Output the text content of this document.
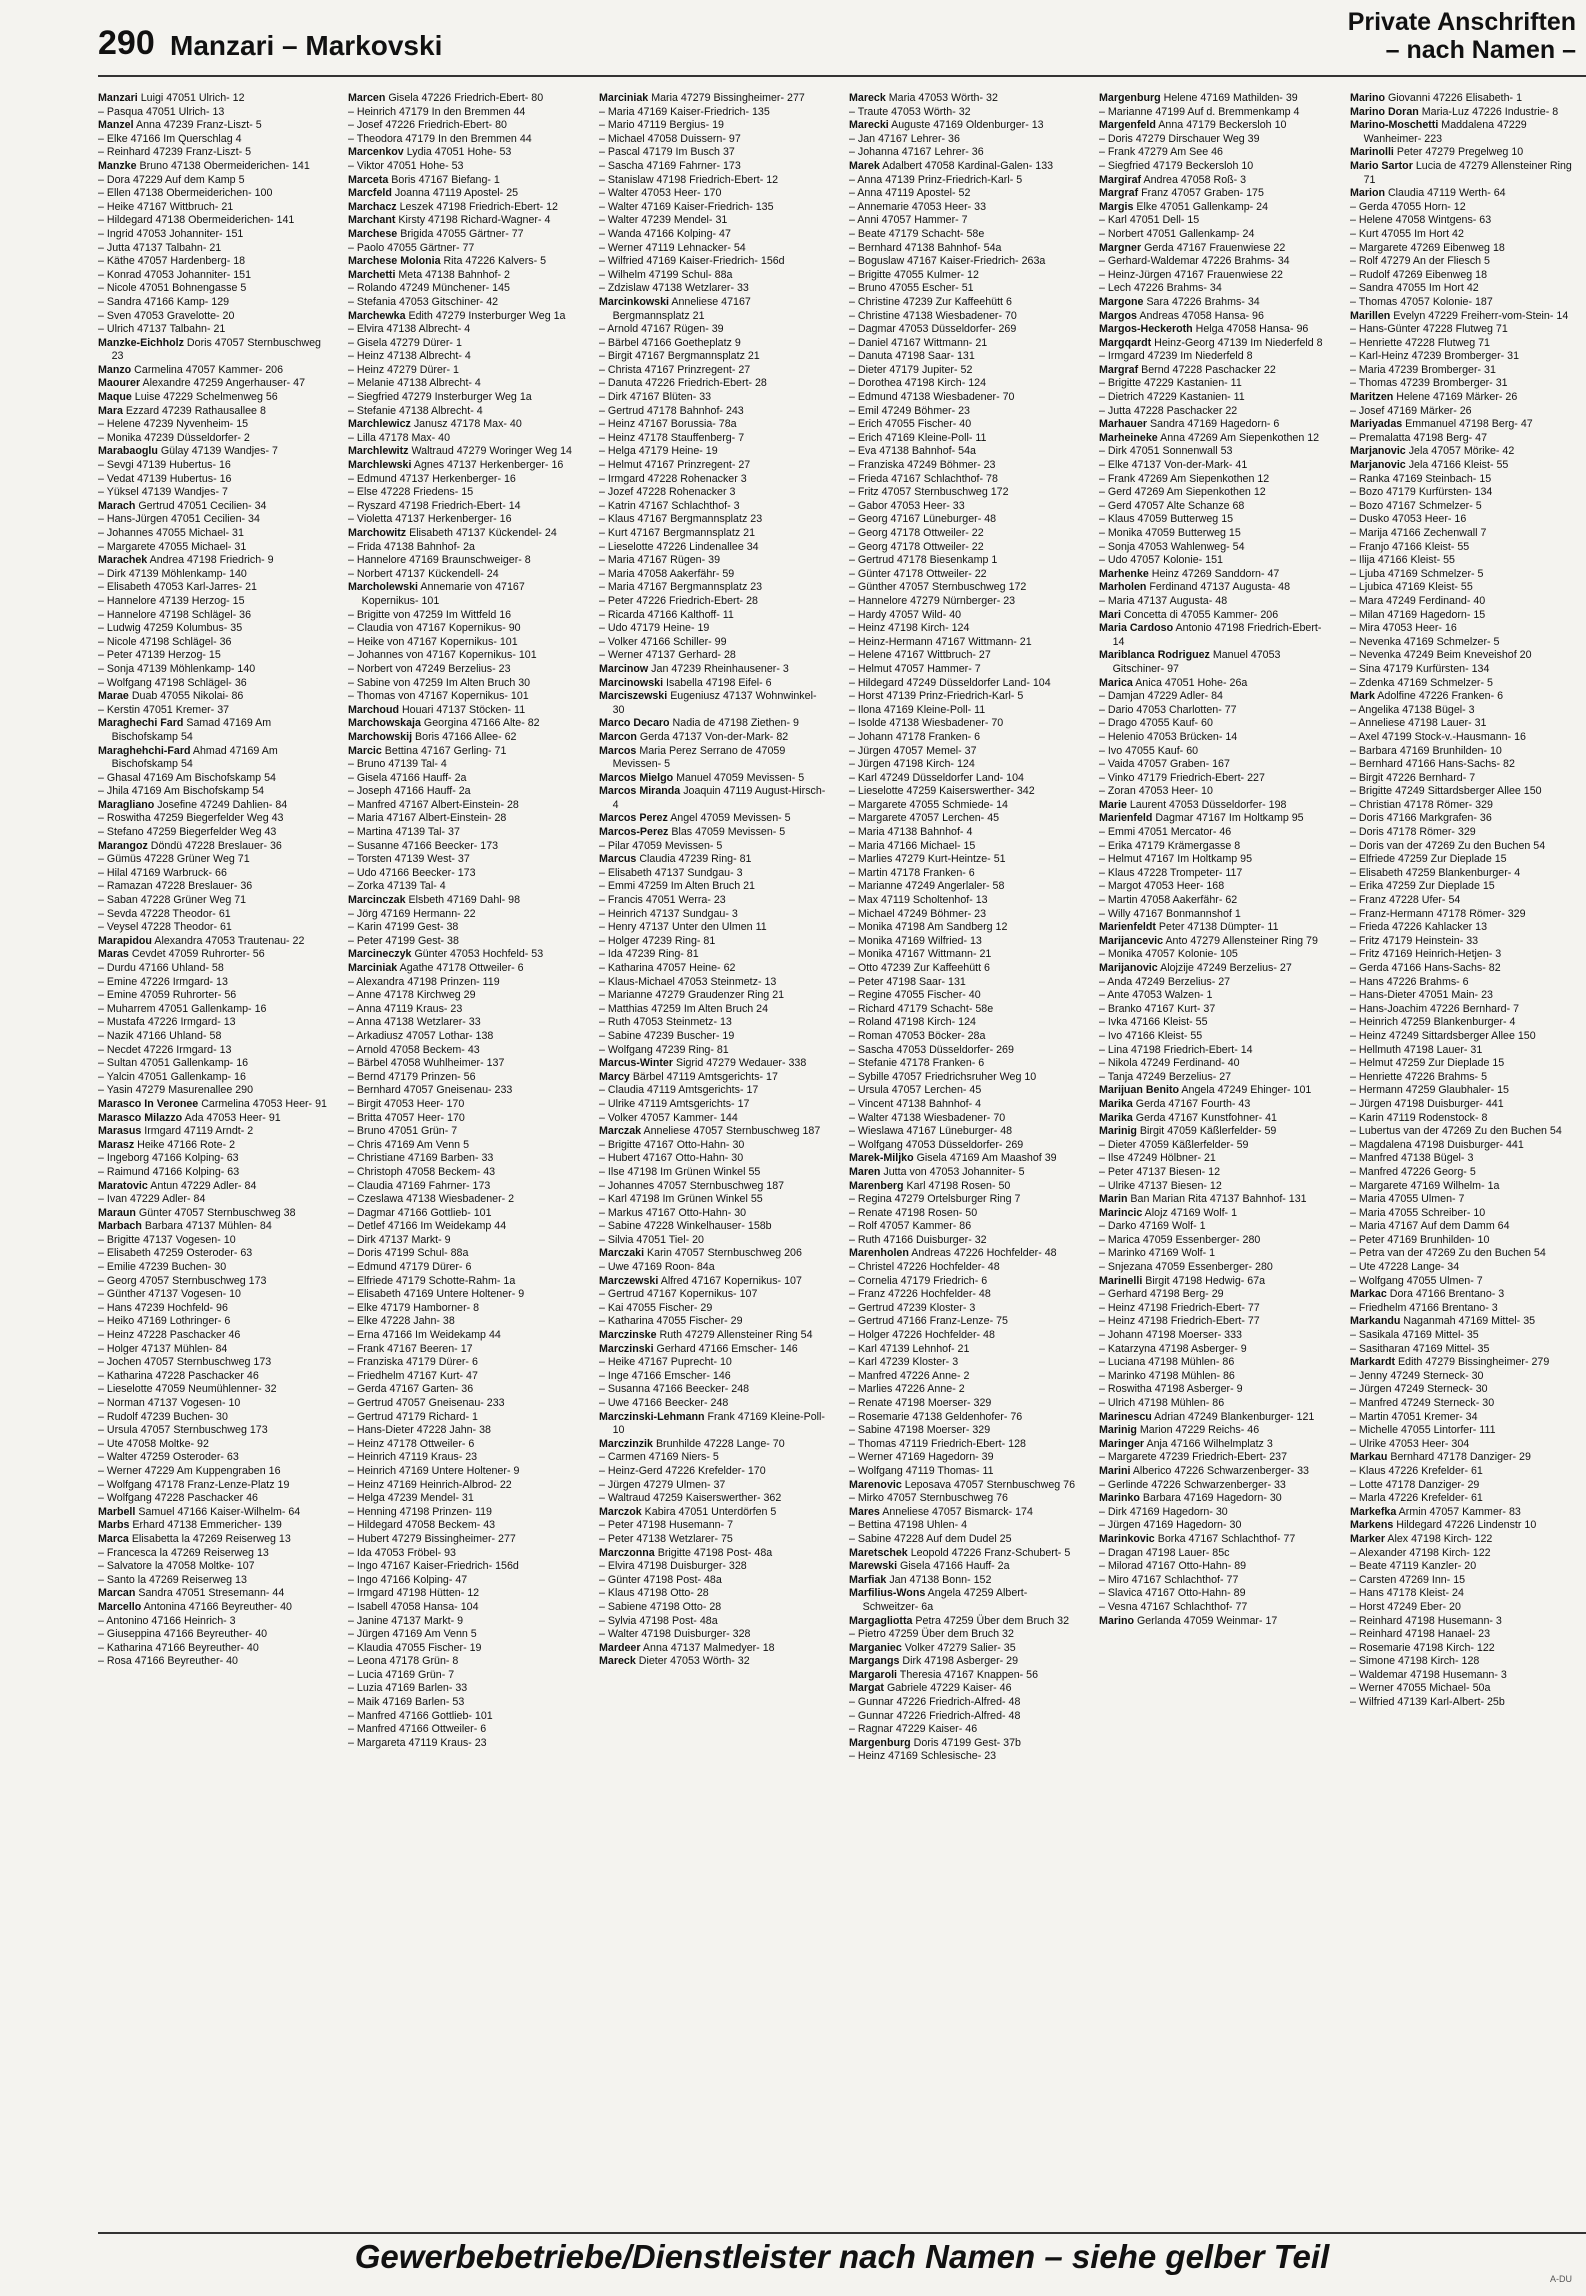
290 Manzari – Markovski
Private Anschriften
– nach Namen –
Manzari Luigi 47051 Ulrich- 12
– Pasqua 47051 Ulrich- 13
Manzel Anna 47239 Franz-Liszt- 5
– Elke 47166 Im Querschlag 4
– Reinhard 47239 Franz-Liszt- 5
Manzke Bruno 47138 Obermeiderichen- 141
– Dora 47229 Auf dem Kamp 5
– Ellen 47138 Obermeiderichen- 100
– Heike 47167 Wittbruch- 21
– Hildegard 47138 Obermeiderichen- 141
– Ingrid 47053 Johanniter- 151
– Jutta 47137 Talbahn- 21
– Käthe 47057 Hardenberg- 18
– Konrad 47053 Johanniter- 151
– Nicole 47051 Bohnengasse 5
– Sandra 47166 Kamp- 129
– Sven 47053 Gravelotte- 20
– Ulrich 47137 Talbahn- 21
Manzke-Eichholz Doris 47057 Sternbuschweg 23
Manzo Carmelina 47057 Kammer- 206
Maourer Alexandre 47259 Angerhauser- 47
Maque Luise 47229 Schelmenweg 56
Mara Ezzard 47239 Rathausallee 8
– Helene 47239 Nyvenheim- 15
– Monika 47239 Düsseldorfer- 2
Marabaoglu Gülay 47139 Wandjes- 7
– Sevgi 47139 Hubertus- 16
– Vedat 47139 Hubertus- 16
– Yüksel 47139 Wandjes- 7
Marach Gertrud 47051 Cecilien- 34
– Hans-Jürgen 47051 Cecilien- 34
– Johannes 47055 Michael- 31
– Margarete 47055 Michael- 31
Marachek Andrea 47198 Friedrich- 9
– Dirk 47139 Möhlenkamp- 140
– Elisabeth 47053 Karl-Jarres- 21
– Hannelore 47139 Herzog- 15
– Hannelore 47198 Schlägel- 36
– Ludwig 47259 Kolumbus- 35
– Nicole 47198 Schlägel- 36
– Peter 47139 Herzog- 15
– Sonja 47139 Möhlenkamp- 140
– Wolfgang 47198 Schlägel- 36
Marae Duab 47055 Nikolai- 86
– Kerstin 47051 Kremer- 37
Maraghechi Fard Samad 47169 Am Bischofskamp 54
Maraghehchi-Fard Ahmad 47169 Am Bischofskamp 54
– Ghasal 47169 Am Bischofskamp 54
– Jhila 47169 Am Bischofskamp 54
Maragliano Josefine 47249 Dahlien- 84
– Roswitha 47259 Biegerfelder Weg 43
– Stefano 47259 Biegerfelder Weg 43
Marangoz Döndü 47228 Breslauer- 36
– Gümüs 47228 Grüner Weg 71
– Hilal 47169 Warbruck- 66
– Ramazan 47228 Breslauer- 36
– Saban 47228 Grüner Weg 71
– Sevda 47228 Theodor- 61
– Veysel 47228 Theodor- 61
Marapidou Alexandra 47053 Trautenau- 22
Maras Cevdet 47059 Ruhrorter- 56
– Durdu 47166 Uhland- 58
– Emine 47226 Irmgard- 13
– Emine 47059 Ruhrorter- 56
– Muharrem 47051 Gallenkamp- 16
– Mustafa 47226 Irmgard- 13
– Nazik 47166 Uhland- 58
– Necdet 47226 Irmgard- 13
– Sultan 47051 Gallenkamp- 16
– Yalcin 47051 Gallenkamp- 16
– Yasin 47279 Masurenallee 290
Marasco In Veronee Carmelina 47053 Heer- 91
Marasco Milazzo Ada 47053 Heer- 91
Marasus Irmgard 47119 Arndt- 2
Marasz Heike 47166 Rote- 2
– Ingeborg 47166 Kolping- 63
– Raimund 47166 Kolping- 63
Maratovic Antun 47229 Adler- 84
– Ivan 47229 Adler- 84
Maraun Günter 47057 Sternbuschweg 38
Marbach Barbara 47137 Mühlen- 84
– Brigitte 47137 Vogesen- 10
– Elisabeth 47259 Osteroder- 63
– Emilie 47239 Buchen- 30
– Georg 47057 Sternbuschweg 173
– Günther 47137 Vogesen- 10
– Hans 47239 Hochfeld- 96
– Heiko 47169 Lothringer- 6
– Heinz 47228 Paschacker 46
– Holger 47137 Mühlen- 84
– Jochen 47057 Sternbuschweg 173
– Katharina 47228 Paschacker 46
– Lieselotte 47059 Neumühlenner- 32
– Norman 47137 Vogesen- 10
– Rudolf 47239 Buchen- 30
– Ursula 47057 Sternbuschweg 173
– Ute 47058 Moltke- 92
– Walter 47259 Osteroder- 63
– Werner 47229 Am Kuppengraben 16
– Wolfgang 47178 Franz-Lenze-Platz 19
– Wolfgang 47228 Paschacker 46
Marbell Samuel 47166 Kaiser-Wilhelm- 64
Marbs Erhard 47138 Emmericher- 139
Marca Elisabetta la 47269 Reiserweg 13
– Francesca la 47269 Reiserweg 13
– Salvatore la 47058 Moltke- 107
– Santo la 47269 Reiserweg 13
Marcan Sandra 47051 Stresemann- 44
Marcello Antonina 47166 Beyreuther- 40
– Antonino 47166 Heinrich- 3
– Giuseppina 47166 Beyreuther- 40
– Katharina 47166 Beyreuther- 40
– Rosa 47166 Beyreuther- 40
Marcen Gisela 47226 Friedrich-Ebert- 80
– Heinrich 47179 In den Bremmen 44
– Josef 47226 Friedrich-Ebert- 80
– Theodora 47179 In den Bremmen 44
Marcenkov Lydia 47051 Hohe- 53
– Viktor 47051 Hohe- 53
Marceta Boris 47167 Biefang- 1
Marcfeld Joanna 47119 Apostel- 25
Marchacz Leszek 47198 Friedrich-Ebert- 12
Marchant Kirsty 47198 Richard-Wagner- 4
Marchese Brigida 47055 Gärtner- 77
– Paolo 47055 Gärtner- 77
Marchese Molonia Rita 47226 Kalvers- 5
Marchetti Meta 47138 Bahnhof- 2
– Rolando 47249 Münchener- 145
– Stefania 47053 Gitschiner- 42
Marchewka Edith 47279 Insterburger Weg 1a
– Elvira 47138 Albrecht- 4
– Gisela 47279 Dürer- 1
– Heinz 47138 Albrecht- 4
– Heinz 47279 Dürer- 1
– Melanie 47138 Albrecht- 4
– Siegfried 47279 Insterburger Weg 1a
– Stefanie 47138 Albrecht- 4
Marchlewicz Janusz 47178 Max- 40
– Lilla 47178 Max- 40
Marchlewitz Waltraud 47279 Woringer Weg 14
Marchlewski Agnes 47137 Herkenberger- 16
– Edmund 47137 Herkenberger- 16
– Else 47228 Friedens- 15
– Ryszard 47198 Friedrich-Ebert- 14
– Violetta 47137 Herkenberger- 16
Marchowitz Elisabeth 47137 Kückendel- 24
– Frida 47138 Bahnhof- 2a
– Hannelore 47169 Braunschweiger- 8
– Norbert 47137 Kückendell- 24
Marcholewski Annemarie von 47167 Kopernikus- 101
– Brigitte von 47259 Im Wittfeld 16
– Claudia von 47167 Kopernikus- 90
– Heike von 47167 Kopernikus- 101
– Johannes von 47167 Kopernikus- 101
– Norbert von 47249 Berzelius- 23
– Sabine von 47259 Im Alten Bruch 30
– Thomas von 47167 Kopernikus- 101
Marchoud Houari 47137 Stöcken- 11
Marchowskaja Georgina 47166 Alte- 82
Marchowskij Boris 47166 Allee- 62
Marcic Bettina 47167 Gerling- 71
– Bruno 47139 Tal- 4
– Gisela 47166 Hauff- 2a
– Joseph 47166 Hauff- 2a
– Manfred 47167 Albert-Einstein- 28
– Maria 47167 Albert-Einstein- 28
– Martina 47139 Tal- 37
– Susanne 47166 Beecker- 173
– Torsten 47139 West- 37
– Udo 47166 Beecker- 173
– Zorka 47139 Tal- 4
Marcinczak Elsbeth 47169 Dahl- 98
– Jörg 47169 Hermann- 22
– Karin 47199 Gest- 38
– Peter 47199 Gest- 38
Marcineczyk Günter 47053 Hochfeld- 53
Marciniak Agathe 47178 Ottweiler- 6
– Alexandra 47198 Prinzen- 119
– Anne 47178 Kirchweg 29
– Anna 47119 Kraus- 23
– Anna 47138 Wetzlarer- 33
– Arkadiusz 47057 Lothar- 138
– Arnold 47058 Beckem- 43
– Bärbel 47058 Wuhlheimer- 137
– Bernd 47179 Prinzen- 56
– Bernhard 47057 Gneisenau- 233
– Birgit 47053 Heer- 170
– Britta 47057 Heer- 170
– Bruno 47051 Grün- 7
– Chris 47169 Am Venn 5
– Christiane 47169 Barben- 33
– Christoph 47058 Beckem- 43
– Claudia 47169 Fahrner- 173
– Czeslawa 47138 Wiesbadener- 2
– Dagmar 47166 Gottlieb- 101
– Detlef 47166 Im Weidekamp 44
– Dirk 47137 Markt- 9
– Doris 47199 Schul- 88a
– Edmund 47179 Dürer- 6
– Elfriede 47179 Schotte-Rahm- 1a
– Elisabeth 47169 Untere Holtener- 9
– Elke 47179 Hamborner- 8
– Elke 47228 Jahn- 38
– Erna 47166 Im Weidekamp 44
– Frank 47167 Beeren- 17
– Franziska 47179 Dürer- 6
– Friedhelm 47167 Kurt- 47
– Gerda 47167 Garten- 36
– Gertrud 47057 Gneisenau- 233
– Gertrud 47179 Richard- 1
– Hans-Dieter 47228 Jahn- 38
– Heinz 47178 Ottweiler- 6
– Heinrich 47119 Kraus- 23
– Heinrich 47169 Untere Holtener- 9
– Heinz 47169 Heinrich-Albrod- 22
– Helga 47239 Mendel- 31
– Henning 47198 Prinzen- 119
– Hildegard 47058 Beckem- 43
– Hubert 47279 Bissingheimer- 277
– Ida 47053 Fröbel- 93
– Ingo 47167 Kaiser-Friedrich- 156d
– Ingo 47166 Kolping- 47
– Irmgard 47198 Hütten- 12
– Isabell 47058 Hansa- 104
– Janine 47137 Markt- 9
– Jürgen 47169 Am Venn 5
– Klaudia 47055 Fischer- 19
– Leona 47178 Grün- 8
– Lucia 47169 Grün- 7
– Luzia 47169 Barlen- 33
– Maik 47169 Barlen- 53
– Manfred 47166 Gottlieb- 101
– Manfred 47166 Ottweiler- 6
– Margareta 47119 Kraus- 23
Marciniak Maria 47279 Bissingheimer- 277
– Maria 47169 Kaiser-Friedrich- 135
– Mario 47119 Bergius- 19
– Michael 47058 Duissern- 97
– Pascal 47179 Im Busch 37
– Sascha 47169 Fahrner- 173
– Stanislaw 47198 Friedrich-Ebert- 12
– Walter 47053 Heer- 170
– Walter 47169 Kaiser-Friedrich- 135
– Walter 47239 Mendel- 31
– Wanda 47166 Kolping- 47
– Werner 47119 Lehnacker- 54
– Wilfried 47169 Kaiser-Friedrich- 156d
– Wilhelm 47199 Schul- 88a
– Zdzislaw 47138 Wetzlarer- 33
Marcinkowski Anneliese 47167 Bergmannsplatz 21
– Arnold 47167 Rügen- 39
– Bärbel 47166 Goetheplatz 9
– Birgit 47167 Bergmannsplatz 21
– Christa 47167 Prinzregent- 27
– Danuta 47226 Friedrich-Ebert- 28
– Dirk 47167 Blüten- 33
– Gertrud 47178 Bahnhof- 243
– Heinz 47167 Borussia- 78a
– Heinz 47178 Stauffenberg- 7
– Helga 47179 Heine- 19
– Helmut 47167 Prinzregent- 27
– Irmgard 47228 Rohenacker 3
– Jozef 47228 Rohenacker 3
– Katrin 47167 Schlachthof- 3
– Klaus 47167 Bergmannsplatz 23
– Kurt 47167 Bergmannsplatz 21
– Lieselotte 47226 Lindenallee 34
– Maria 47167 Rügen- 39
– Maria 47058 Aakerfähr- 59
– Maria 47167 Bergmannsplatz 23
– Peter 47226 Friedrich-Ebert- 28
– Ricarda 47166 Kalthoff- 11
– Udo 47179 Heine- 19
– Volker 47166 Schiller- 99
– Werner 47137 Gerhard- 28
Marcinow Jan 47239 Rheinhausener- 3
Marcinowski Isabella 47198 Eifel- 6
Marciszewski Eugeniusz 47137 Wohnwinkel- 30
Marco Decaro Nadia de 47198 Ziethen- 9
Marcon Gerda 47137 Von-der-Mark- 82
Marcos Maria Perez Serrano de 47059 Mevissen- 5
Marcos Mielgo Manuel 47059 Mevissen- 5
Marcos Miranda Joaquin 47119 August-Hirsch- 4
Marcos Perez Angel 47059 Mevissen- 5
Marcos-Perez Blas 47059 Mevissen- 5
– Pilar 47059 Mevissen- 5
Marcus Claudia 47239 Ring- 81
– Elisabeth 47137 Sundgau- 3
– Emmi 47259 Im Alten Bruch 21
– Francis 47051 Werra- 23
– Heinrich 47137 Sundgau- 3
– Henry 47137 Unter den Ulmen 11
– Holger 47239 Ring- 81
– Ida 47239 Ring- 81
– Katharina 47057 Heine- 62
– Klaus-Michael 47053 Steinmetz- 13
– Marianne 47279 Graudenzer Ring 21
– Matthias 47259 Im Alten Bruch 24
– Ruth 47053 Steinmetz- 13
– Sabine 47239 Buscher- 19
– Wolfgang 47239 Ring- 81
Marcus-Winter Sigrid 47279 Wedauer- 338
Marcy Bärbel 47119 Amtsgerichts- 17
– Claudia 47119 Amtsgerichts- 17
– Ulrike 47119 Amtsgerichts- 17
– Volker 47057 Kammer- 144
Marczak Anneliese 47057 Sternbuschweg 187
– Brigitte 47167 Otto-Hahn- 30
– Hubert 47167 Otto-Hahn- 30
– Ilse 47198 Im Grünen Winkel 55
– Johannes 47057 Sternbuschweg 187
– Karl 47198 Im Grünen Winkel 55
– Markus 47167 Otto-Hahn- 30
– Sabine 47228 Winkelhauser- 158b
– Silvia 47051 Tiel- 20
Marczaki Karin 47057 Sternbuschweg 206
– Uwe 47169 Roon- 84a
Marczewski Alfred 47167 Kopernikus- 107
– Gertrud 47167 Kopernikus- 107
– Kai 47055 Fischer- 29
– Katharina 47055 Fischer- 29
Marczinske Ruth 47279 Allensteiner Ring 54
Marczinski Gerhard 47166 Emscher- 146
– Heike 47167 Puprecht- 10
– Inge 47166 Emscher- 146
– Susanna 47166 Beecker- 248
– Uwe 47166 Beecker- 248
Marczinski-Lehmann Frank 47169 Kleine-Poll- 10
Marczinzik Brunhilde 47228 Lange- 70
– Carmen 47169 Niers- 5
– Heinz-Gerd 47226 Krefelder- 170
– Jürgen 47279 Ulmen- 37
– Waltraud 47259 Kaiserswerther- 362
Marczok Kabira 47051 Unterdörfen 5
– Peter 47198 Husemann- 7
– Peter 47138 Wetzlarer- 75
Marczonna Brigitte 47198 Post- 48a
– Elvira 47198 Duisburger- 328
– Günter 47198 Post- 48a
– Klaus 47198 Otto- 28
– Sabiene 47198 Otto- 28
– Sylvia 47198 Post- 48a
– Walter 47198 Duisburger- 328
Mardeer Anna 47137 Malmedyer- 18
Mareck Dieter 47053 Wörth- 32
Mareck Maria 47053 Wörth- 32
– Traute 47053 Wörth- 32
Marecki Auguste 47169 Oldenburger- 13
– Jan 47167 Lehrer- 36
– Johanna 47167 Lehrer- 36
Marek Adalbert 47058 Kardinal-Galen- 133
– Anna 47139 Prinz-Friedrich-Karl- 5
– Anna 47119 Apostel- 52
– Annemarie 47053 Heer- 33
– Anni 47057 Hammer- 7
– Beate 47179 Schacht- 58e
– Bernhard 47138 Bahnhof- 54a
– Boguslaw 47167 Kaiser-Friedrich- 263a
– Brigitte 47055 Kulmer- 12
– Bruno 47055 Escher- 51
– Christine 47239 Zur Kaffeehütt 6
– Christine 47138 Wiesbadener- 70
– Dagmar 47053 Düsseldorfer- 269
– Daniel 47167 Wittmann- 21
– Danuta 47198 Saar- 131
– Dieter 47179 Jupiter- 52
– Dorothea 47198 Kirch- 124
– Edmund 47138 Wiesbadener- 70
– Emil 47249 Böhmer- 23
– Erich 47055 Fischer- 40
– Erich 47169 Kleine-Poll- 11
– Eva 47138 Bahnhof- 54a
– Franziska 47249 Böhmer- 23
– Frieda 47167 Schlachthof- 78
– Fritz 47057 Sternbuschweg 172
– Gabor 47053 Heer- 33
– Georg 47167 Lüneburger- 48
– Georg 47178 Ottweiler- 22
– Georg 47178 Ottweiler- 22
– Gertrud 47178 Biesenkamp 1
– Günter 47178 Ottweiler- 22
– Günther 47057 Sternbuschweg 172
– Hannelore 47279 Nürnberger- 23
– Hardy 47057 Wild- 40
– Heinz 47198 Kirch- 124
– Heinz-Hermann 47167 Wittmann- 21
– Helene 47167 Wittbruch- 27
– Helmut 47057 Hammer- 7
– Hildegard 47249 Düsseldorfer Land- 104
– Horst 47139 Prinz-Friedrich-Karl- 5
– Ilona 47169 Kleine-Poll- 11
– Isolde 47138 Wiesbadener- 70
– Johann 47178 Franken- 6
– Jürgen 47057 Memel- 37
– Jürgen 47198 Kirch- 124
– Karl 47249 Düsseldorfer Land- 104
– Lieselotte 47259 Kaiserswerther- 342
– Margarete 47055 Schmiede- 14
– Margarete 47057 Lerchen- 45
– Maria 47138 Bahnhof- 4
– Maria 47166 Michael- 15
– Marlies 47279 Kurt-Heintze- 51
– Martin 47178 Franken- 6
– Marianne 47249 Angerlaler- 58
– Max 47119 Scholtenhof- 13
– Michael 47249 Böhmer- 23
– Monika 47198 Am Sandberg 12
– Monika 47169 Wilfried- 13
– Monika 47167 Wittmann- 21
– Otto 47239 Zur Kaffeehütt 6
– Peter 47198 Saar- 131
– Regine 47055 Fischer- 40
– Richard 47179 Schacht- 58e
– Roland 47198 Kirch- 124
– Roman 47053 Böcker- 28a
– Sascha 47053 Düsseldorfer- 269
– Stefanie 47178 Franken- 6
– Sybille 47057 Friedrichsruher Weg 10
– Ursula 47057 Lerchen- 45
– Vincent 47138 Bahnhof- 4
– Walter 47138 Wiesbadener- 70
– Wieslawa 47167 Lüneburger- 48
– Wolfgang 47053 Düsseldorfer- 269
Marek-Miljko Gisela 47169 Am Maashof 39
Maren Jutta von 47053 Johanniter- 5
Marenberg Karl 47198 Rosen- 50
– Regina 47279 Ortelsburger Ring 7
– Renate 47198 Rosen- 50
– Rolf 47057 Kammer- 86
– Ruth 47166 Duisburger- 32
Marenholen Andreas 47226 Hochfelder- 48
– Christel 47226 Hochfelder- 48
– Cornelia 47179 Friedrich- 6
– Franz 47226 Hochfelder- 48
– Gertrud 47239 Kloster- 3
– Gertrud 47166 Franz-Lenze- 75
– Holger 47226 Hochfelder- 48
– Karl 47139 Lehnhof- 21
– Karl 47239 Kloster- 3
– Manfred 47226 Anne- 2
– Marlies 47226 Anne- 2
– Renate 47198 Moerser- 329
– Rosemarie 47138 Geldenhofer- 76
– Sabine 47198 Moerser- 329
– Thomas 47119 Friedrich-Ebert- 128
– Werner 47169 Hagedorn- 39
– Wolfgang 47119 Thomas- 11
Marenovic Leposava 47057 Sternbuschweg 76
– Mirko 47057 Sternbuschweg 76
Mares Anneliese 47057 Bismarck- 174
– Bettina 47198 Uhlen- 4
– Sabine 47228 Auf dem Dudel 25
Maretschek Leopold 47226 Franz-Schubert- 5
Marewski Gisela 47166 Hauff- 2a
Marfiak Jan 47138 Bonn- 152
Marfilius-Wons Angela 47259 Albert-Schweitzer- 6a
Margagliotta Petra 47259 Über dem Bruch 32
– Pietro 47259 Über dem Bruch 32
Marganiec Volker 47279 Salier- 35
Margangs Dirk 47198 Asberger- 29
Margaroli Theresia 47167 Knappen- 56
Margat Gabriele 47229 Kaiser- 46
– Gunnar 47226 Friedrich-Alfred- 48
– Gunnar 47226 Friedrich-Alfred- 48
– Ragnar 47229 Kaiser- 46
Margenburg Doris 47199 Gest- 37b
– Heinz 47169 Schlesische- 23
Margenburg Helene 47169 Mathilden- 39
– Marianne 47199 Auf d. Bremmenkamp 4
Margenfeld Anna 47179 Beckersloh 10
– Doris 47279 Dirschauer Weg 39
– Frank 47279 Am See 46
– Siegfried 47179 Beckersloh 10
Margiraf Andrea 47058 Roß- 3
Margraf Franz 47057 Graben- 175
Margis Elke 47051 Gallenkamp- 24
– Karl 47051 Dell- 15
– Norbert 47051 Gallenkamp- 24
Margner Gerda 47167 Frauenwiese 22
– Gerhard-Waldemar 47226 Brahms- 34
– Heinz-Jürgen 47167 Frauenwiese 22
– Lech 47226 Brahms- 34
Margone Sara 47226 Brahms- 34
Margos Andreas 47058 Hansa- 96
Margos-Heckeroth Helga 47058 Hansa- 96
Margqardt Heinz-Georg 47139 Im Niederfeld 8
– Irmgard 47239 Im Niederfeld 8
Margraf Bernd 47228 Paschacker 22
– Brigitte 47229 Kastanien- 11
– Dietrich 47229 Kastanien- 11
– Jutta 47228 Paschacker 22
Marhauer Sandra 47169 Hagedorn- 6
Marheineke Anna 47269 Am Siepenkothen 12
– Dirk 47051 Sonnenwall 53
– Elke 47137 Von-der-Mark- 41
– Frank 47269 Am Siepenkothen 12
– Gerd 47269 Am Siepenkothen 12
– Gerd 47057 Alte Schanze 68
– Klaus 47059 Butterweg 15
– Monika 47059 Butterweg 15
– Sonja 47053 Wahlenweg- 54
– Udo 47057 Kolonie- 151
Marhenke Heinz 47269 Sanddorn- 47
Marholen Ferdinand 47137 Augusta- 48
– Maria 47137 Augusta- 48
Mari Concetta di 47055 Kammer- 206
Maria Cardoso Antonio 47198 Friedrich-Ebert- 14
Mariblanca Rodriguez Manuel 47053 Gitschiner- 97
Marica Anica 47051 Hohe- 26a
– Damjan 47229 Adler- 84
– Dario 47053 Charlotten- 77
– Drago 47055 Kauf- 60
– Helenio 47053 Brücken- 14
– Ivo 47055 Kauf- 60
– Vaida 47057 Graben- 167
– Vinko 47179 Friedrich-Ebert- 227
– Zoran 47053 Heer- 10
Marie Laurent 47053 Düsseldorfer- 198
Marienfeld Dagmar 47167 Im Holtkamp 95
– Emmi 47051 Mercator- 46
– Erika 47179 Krämergasse 8
– Helmut 47167 Im Holtkamp 95
– Klaus 47228 Trompeter- 117
– Margot 47053 Heer- 168
– Martin 47058 Aakerfähr- 62
– Willy 47167 Bonmannshof 1
Marienfeldt Peter 47138 Dümpter- 11
Marijancevic Anto 47279 Allensteiner Ring 79
– Monika 47057 Kolonie- 105
Marijanovic Alojzije 47249 Berzelius- 27
– Anda 47249 Berzelius- 27
– Ante 47053 Walzen- 1
– Branko 47167 Kurt- 37
– Ivka 47166 Kleist- 55
– Ivo 47166 Kleist- 55
– Lina 47198 Friedrich-Ebert- 14
– Nikola 47249 Ferdinand- 40
– Tanja 47249 Berzelius- 27
Marijuan Benito Angela 47249 Ehinger- 101
Marika Gerda 47167 Fourth- 43
Marika Gerda 47167 Kunstfohner- 41
Marinig Birgit 47059 Käßlerfelder- 59
– Dieter 47059 Käßlerfelder- 59
– Ilse 47249 Hölbner- 21
– Peter 47137 Biesen- 12
– Ulrike 47137 Biesen- 12
Marin Ban Marian Rita 47137 Bahnhof- 131
Marincic Alojz 47169 Wolf- 1
– Darko 47169 Wolf- 1
– Marica 47059 Essenberger- 280
– Marinko 47169 Wolf- 1
– Snjezana 47059 Essenberger- 280
Marinelli Birgit 47198 Hedwig- 67a
– Gerhard 47198 Berg- 29
– Heinz 47198 Friedrich-Ebert- 77
– Heinz 47198 Friedrich-Ebert- 77
– Johann 47198 Moerser- 333
– Katarzyna 47198 Asberger- 9
– Luciana 47198 Mühlen- 86
– Marinko 47198 Mühlen- 86
– Roswitha 47198 Asberger- 9
– Ulrich 47198 Mühlen- 86
Marinescu Adrian 47249 Blankenburger- 121
Marinig Marion 47229 Reichs- 46
Maringer Anja 47166 Wilhelmplatz 3
– Margarete 47239 Friedrich-Ebert- 237
Marini Alberico 47226 Schwarzenberger- 33
– Gerlinde 47226 Schwarzenberger- 33
Marinko Barbara 47169 Hagedorn- 30
– Dirk 47169 Hagedorn- 30
– Jürgen 47169 Hagedorn- 30
Marinkovic Borka 47167 Schlachthof- 77
– Dragan 47198 Lauer- 85c
– Milorad 47167 Otto-Hahn- 89
– Miro 47167 Schlachthof- 77
– Slavica 47167 Otto-Hahn- 89
– Vesna 47167 Schlachthof- 77
Marino Gerlanda 47059 Weinmar- 17
Marino Giovanni 47226 Elisabeth- 1
Marino Doran Maria-Luz 47226 Industrie- 8
Marino-Moschetti Maddalena 47229 Wanheimer- 223
Marinolli Peter 47279 Pregelweg 10
Mario Sartor Lucia de 47279 Allensteiner Ring 71
Marion Claudia 47119 Werth- 64
– Gerda 47055 Horn- 12
– Helene 47058 Wintgens- 63
– Kurt 47055 Im Hort 42
– Margarete 47269 Eibenweg 18
– Rolf 47279 An der Fliesch 5
– Rudolf 47269 Eibenweg 18
– Sandra 47055 Im Hort 42
– Thomas 47057 Kolonie- 187
Marillen Evelyn 47229 Freiherr-vom-Stein- 14
– Hans-Günter 47228 Flutweg 71
– Henriette 47228 Flutweg 71
– Karl-Heinz 47239 Bromberger- 31
– Maria 47239 Bromberger- 31
– Thomas 47239 Bromberger- 31
Maritzen Helene 47169 Märker- 26
– Josef 47169 Märker- 26
Mariyadas Emmanuel 47198 Berg- 47
– Premalatta 47198 Berg- 47
Marjanovic Jela 47057 Mörike- 42
Marjanovic Jela 47166 Kleist- 55
– Ranka 47169 Steinbach- 15
– Bozo 47179 Kurfürsten- 134
– Bozo 47167 Schmelzer- 5
– Dusko 47053 Heer- 16
– Marija 47166 Zechenwall 7
– Franjo 47166 Kleist- 55
– Ilija 47166 Kleist- 55
– Ljuba 47169 Schmelzer- 5
– Ljubica 47169 Kleist- 55
– Mara 47249 Ferdinand- 40
– Milan 47169 Hagedorn- 15
– Mira 47053 Heer- 16
– Nevenka 47169 Schmelzer- 5
– Nevenka 47249 Beim Kneveishof 20
– Sina 47179 Kurfürsten- 134
– Zdenka 47169 Schmelzer- 5
Mark Adolfine 47226 Franken- 6
– Angelika 47138 Bügel- 3
– Anneliese 47198 Lauer- 31
– Axel 47199 Stock-v.-Hausmann- 16
– Barbara 47169 Brunhilden- 10
– Bernhard 47166 Hans-Sachs- 82
– Birgit 47226 Bernhard- 7
– Brigitte 47249 Sittardsberger Allee 150
– Christian 47178 Römer- 329
– Doris 47166 Markgrafen- 36
– Doris 47178 Römer- 329
– Doris van der 47269 Zu den Buchen 54
– Elfriede 47259 Zur Dieplade 15
– Elisabeth 47259 Blankenburger- 4
– Erika 47259 Zur Dieplade 15
– Franz 47228 Ufer- 54
– Franz-Hermann 47178 Römer- 329
– Frieda 47226 Kahlacker 13
– Fritz 47179 Heinstein- 33
– Fritz 47169 Heinrich-Hetjen- 3
– Gerda 47166 Hans-Sachs- 82
– Hans 47226 Brahms- 6
– Hans-Dieter 47051 Main- 23
– Hans-Joachim 47226 Bernhard- 7
– Heinrich 47259 Blankenburger- 4
– Heinz 47249 Sittardsberger Allee 150
– Hellmuth 47198 Lauer- 31
– Helmut 47259 Zur Dieplade 15
– Henriette 47226 Brahms- 5
– Hermann 47259 Glaubhaler- 15
– Jürgen 47198 Duisburger- 441
– Karin 47119 Rodenstock- 8
– Lubertus van der 47269 Zu den Buchen 54
– Magdalena 47198 Duisburger- 441
– Manfred 47138 Bügel- 3
– Manfred 47226 Georg- 5
– Margarete 47169 Wilhelm- 1a
– Maria 47055 Ulmen- 7
– Maria 47055 Schreiber- 10
– Maria 47167 Auf dem Damm 64
– Peter 47169 Brunhilden- 10
– Petra van der 47269 Zu den Buchen 54
– Ute 47228 Lange- 34
– Wolfgang 47055 Ulmen- 7
Markac Dora 47166 Brentano- 3
– Friedhelm 47166 Brentano- 3
Markandu Naganmah 47169 Mittel- 35
– Sasikala 47169 Mittel- 35
– Sasitharan 47169 Mittel- 35
Markardt Edith 47279 Bissingheimer- 279
– Jenny 47249 Sterneck- 30
– Jürgen 47249 Sterneck- 30
– Manfred 47249 Sterneck- 30
– Martin 47051 Kremer- 34
– Michelle 47055 Lintorfer- 111
– Ulrike 47053 Heer- 304
Markau Bernhard 47178 Danziger- 29
– Klaus 47226 Krefelder- 61
– Lotte 47178 Danziger- 29
– Marla 47226 Krefelder- 61
Markefka Armin 47057 Kammer- 83
Markens Hildegard 47226 Lindenstr 10
Marker Alex 47198 Kirch- 122
– Alexander 47198 Kirch- 122
– Beate 47119 Kanzler- 20
– Carsten 47269 Inn- 15
– Hans 47178 Kleist- 24
– Horst 47249 Eber- 20
– Reinhard 47198 Husemann- 3
– Reinhard 47198 Hanael- 23
– Rosemarie 47198 Kirch- 122
– Simone 47198 Kirch- 128
– Waldemar 47198 Husemann- 3
– Werner 47055 Michael- 50a
– Wilfried 47139 Karl-Albert- 25b
Gewerbebetriebe/Dienstleister nach Namen – siehe gelber Teil
A-DU
